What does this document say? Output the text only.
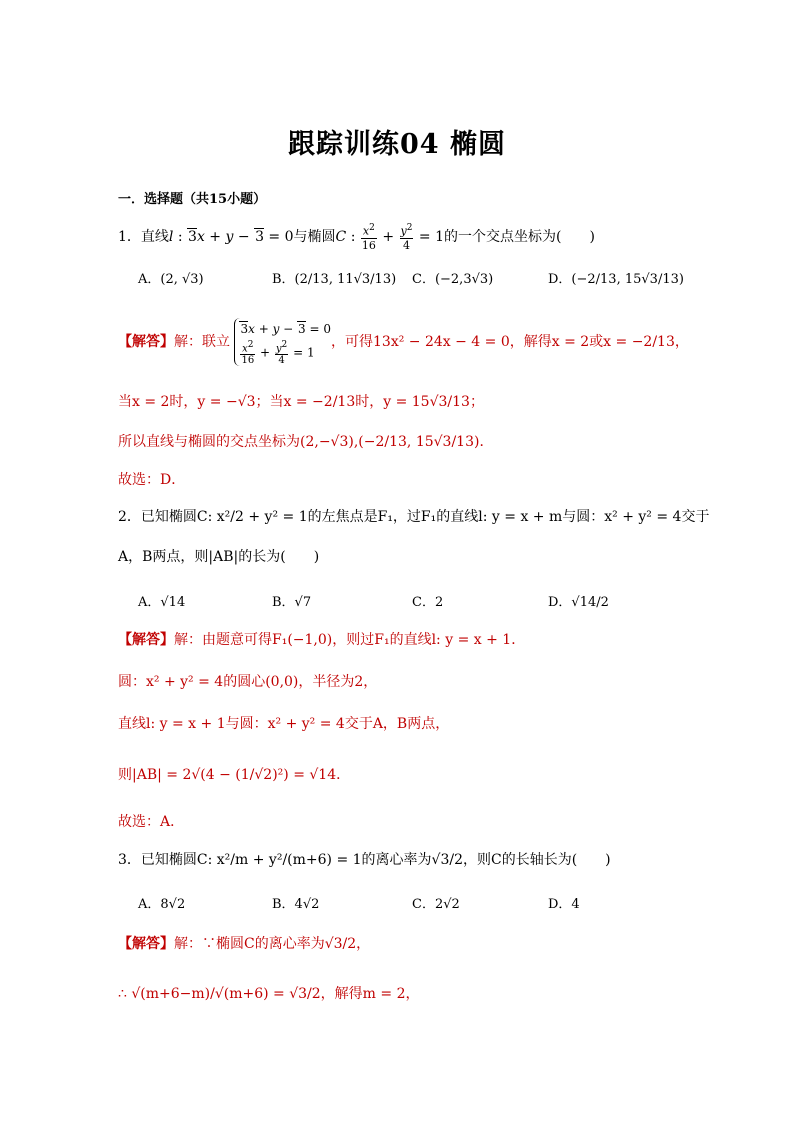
跟踪训练04 椭圆
一．选择题（共15小题）
1．直线l : 3x + y − 3 = 0与椭圆C : $\frac{x^2}{16} + \frac{y^2}{4} = 1$的一个交点坐标为(　　)
A．(2, √3)	B．(2/13, 11√3/13) C．(−2,3√3)	D．(−2/13, 15√3/13)
【解答】解：联立 3x + y − 3 = 0

$\frac{x^2}{16} + \frac{y^2}{4} = 1$，可得13x² − 24x − 4 = 0，解得x = 2或x = −2/13，
当x = 2时，y = −√3；当x = −2/13时，y = 15√3/13；
所以直线与椭圆的交点坐标为(2,−√3),(−2/13, 15√3/13)．
故选：D．
2．已知椭圆C: x²/2 + y² = 1的左焦点是F₁，过F₁的直线l: y = x + m与圆：x² + y² = 4交于
A，B两点，则|AB|的长为(　　)
A．√14	B．√7	C．2	D．√14/2
【解答】解：由题意可得F₁(−1,0)，则过F₁的直线l: y = x + 1．
圆：x² + y² = 4的圆心(0,0)，半径为2，
直线l: y = x + 1与圆：x² + y² = 4交于A，B两点，
则|AB| = 2√(4 − (1/√2)²) = √14．
故选：A．
3．已知椭圆C: x²/m + y²/(m+6) = 1的离心率为√3/2，则C的长轴长为(　　)
A．8√2	B．4√2	C．2√2	D．4
【解答】解：∵椭圆C的离心率为√3/2，
∴ √(m+6−m)/√(m+6) = √3/2，解得m = 2，
